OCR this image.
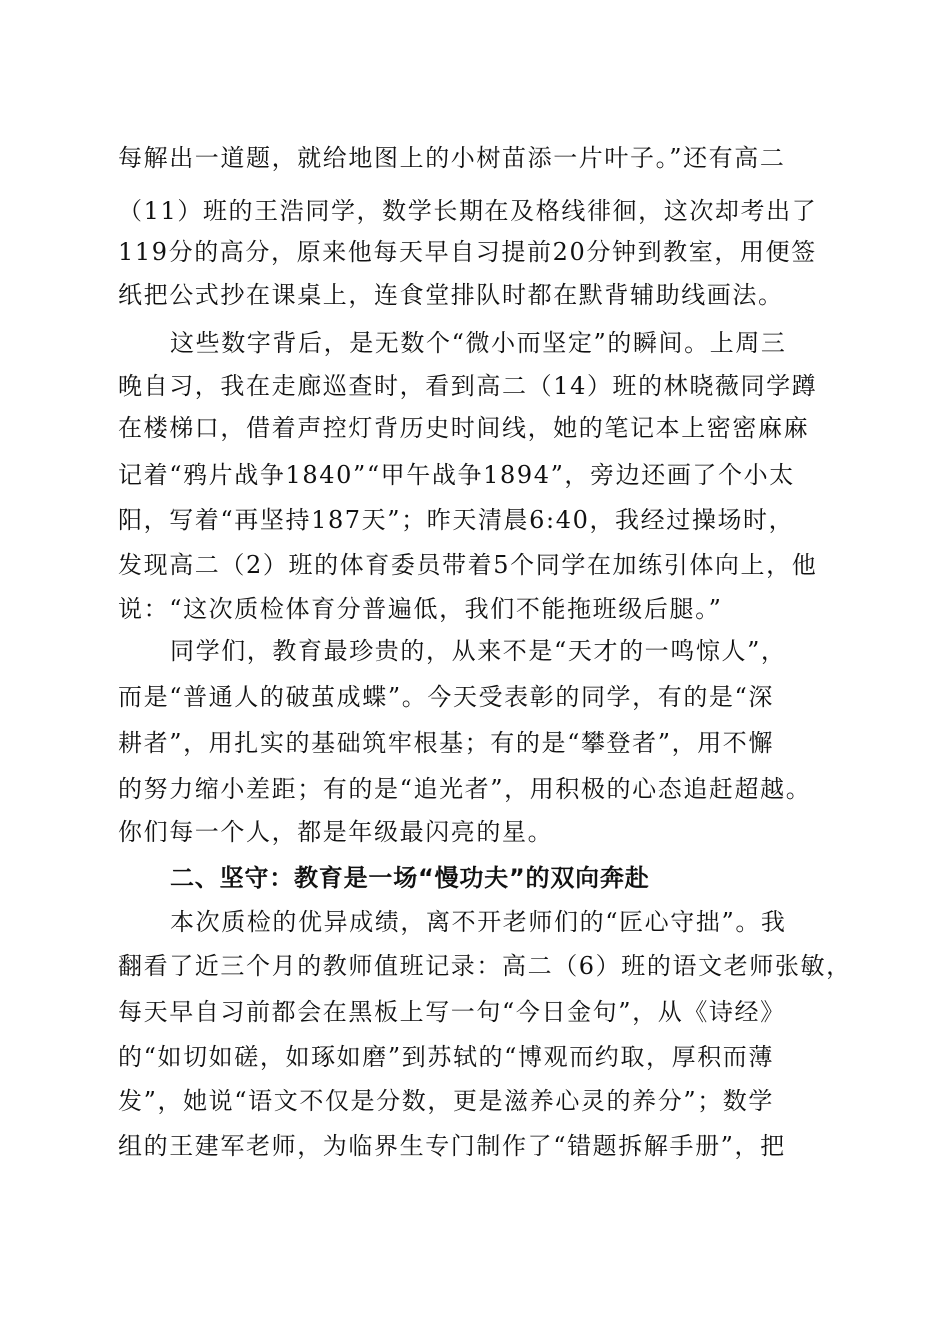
每解出一道题，就给地图上的小树苗添一片叶子。”还有高二
（11）班的王浩同学，数学长期在及格线徘徊，这次却考出了
119分的高分，原来他每天早自习提前20分钟到教室，用便签
纸把公式抄在课桌上，连食堂排队时都在默背辅助线画法。
这些数字背后，是无数个“微小而坚定”的瞬间。上周三
晚自习，我在走廊巡查时，看到高二（14）班的林晓薇同学蹲
在楼梯口，借着声控灯背历史时间线，她的笔记本上密密麻麻
记着“鸦片战争1840”“甲午战争1894”，旁边还画了个小太
阳，写着“再坚持187天”；昨天清晨6:40，我经过操场时，
发现高二（2）班的体育委员带着5个同学在加练引体向上，他
说：“这次质检体育分普遍低，我们不能拖班级后腿。”
同学们，教育最珍贵的，从来不是“天才的一鸣惊人”，
而是“普通人的破茧成蝶”。今天受表彰的同学，有的是“深
耕者”，用扎实的基础筑牢根基；有的是“攀登者”，用不懈
的努力缩小差距；有的是“追光者”，用积极的心态追赶超越。
你们每一个人，都是年级最闪亮的星。
二、坚守：教育是一场“慢功夫”的双向奔赴
本次质检的优异成绩，离不开老师们的“匠心守拙”。我
翻看了近三个月的教师值班记录：高二（6）班的语文老师张敏，
每天早自习前都会在黑板上写一句“今日金句”，从《诗经》
的“如切如磋，如琢如磨”到苏轼的“博观而约取，厚积而薄
发”，她说“语文不仅是分数，更是滋养心灵的养分”；数学
组的王建军老师，为临界生专门制作了“错题拆解手册”，把
